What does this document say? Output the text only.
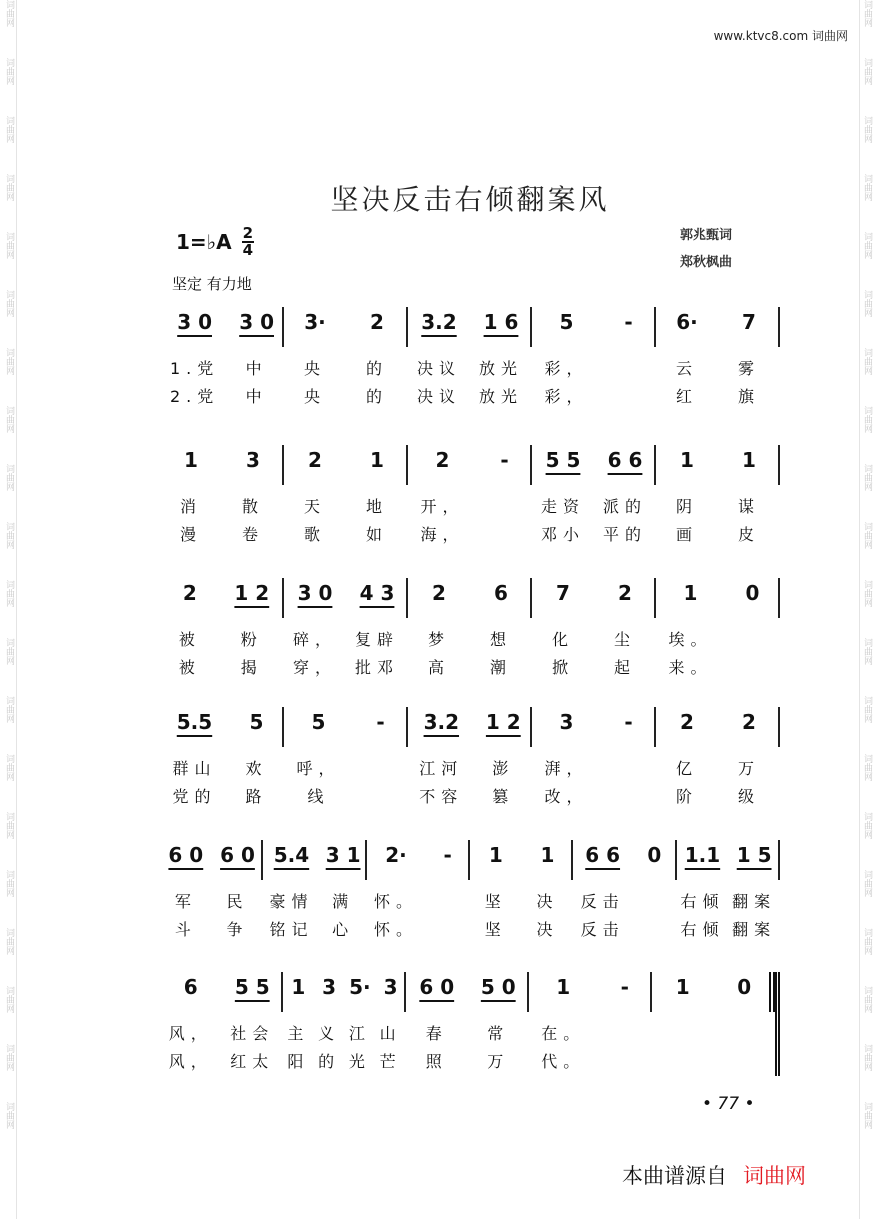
词曲网
词曲网
词曲网
词曲网
词曲网
词曲网
词曲网
词曲网
词曲网
词曲网
词曲网
词曲网
词曲网
词曲网
词曲网
词曲网
词曲网
词曲网
词曲网
词曲网
词曲网
词曲网
词曲网
词曲网
词曲网
词曲网
词曲网
词曲网
词曲网
词曲网
词曲网
词曲网
词曲网
词曲网
词曲网
词曲网
词曲网
词曲网
词曲网
词曲网
www.ktvc8.com 词曲网
坚决反击右倾翻案风
1=♭A $\frac{2}{4}$	郭兆甄词
郑秋枫曲
坚定 有力地
3 0
1.党
2.党
3 0
中
中
3·
央
央
2
的
的
3.2
决议
决议
1 6
放光
放光
5
彩，
彩，
- 6·
云
红
7
雾
旗
1
消
漫
3
散
卷
2
天
歌
1
地
如
2
开，
海，
- 5 5
走资
邓小
6 6
派的
平的
1
阴
画
1
谋
皮
2
被
被
1 2
粉
揭
3 0
碎，
穿，
4 3
复辟
批邓
2
梦
高
6
想
潮
7
化
掀
2
尘
起
1
埃。
来。
0
5.5
群山
党的
5
欢
路
5
呼，
线
- 3.2
江河
不容
1 2
澎
篡
3
湃，
改，
- 2
亿
阶
2
万
级
6 0
军
斗
6 0
民
争
5.4
豪情
铭记
3 1
满
心
2·
怀。
怀。
- 1
坚
坚
1
决
决
6 6
反击
反击
0 1.1
右倾
右倾
1 5
翻案
翻案
6
风，
风，
5 5
社会
红太
1
主
阳
3
义
的
5·
江
光
3
山
芒
6 0
春
照
5 0
常
万
1
在。
代。
- 1 0
• 77 •
本曲谱源自 词曲网
